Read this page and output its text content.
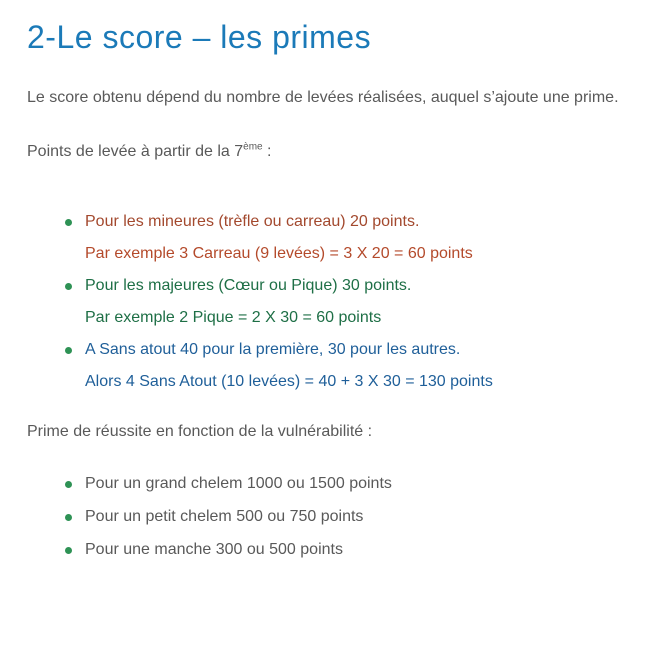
2-Le score – les primes

Le score obtenu dépend du nombre de levées réalisées, auquel s’ajoute une prime.

Points de levée à partir de la 7ème :

Pour les mineures (trèfle ou carreau) 20 points.
Par exemple 3 Carreau (9 levées) = 3 X 20 = 60 points
Pour les majeures (Cœur ou Pique) 30 points.
Par exemple 2 Pique = 2 X 30 = 60 points
A Sans atout 40 pour la première, 30 pour les autres.
Alors 4 Sans Atout (10 levées) = 40 + 3 X 30 = 130 points

Prime de réussite en fonction de la vulnérabilité :

Pour un grand chelem 1000 ou 1500 points
Pour un petit chelem 500 ou 750 points
Pour une manche 300 ou 500 points
